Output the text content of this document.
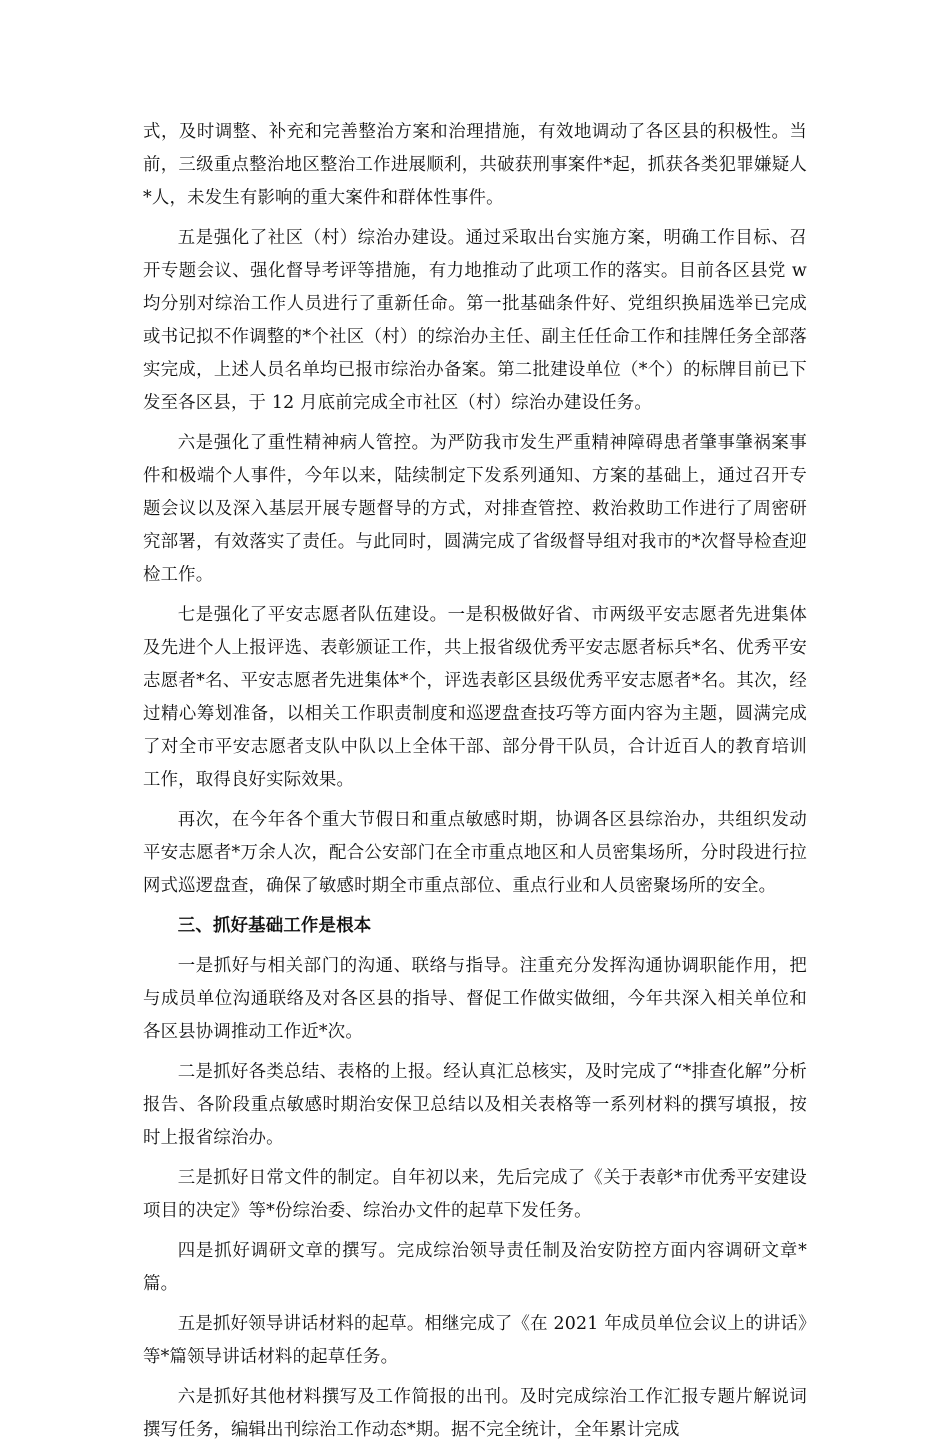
式，及时调整、补充和完善整治方案和治理措施，有效地调动了各区县的积极性。当前，三级重点整治地区整治工作进展顺利，共破获刑事案件*起，抓获各类犯罪嫌疑人*人，未发生有影响的重大案件和群体性事件。

五是强化了社区（村）综治办建设。通过采取出台实施方案，明确工作目标、召开专题会议、强化督导考评等措施，有力地推动了此项工作的落实。目前各区县党 w 均分别对综治工作人员进行了重新任命。第一批基础条件好、党组织换届选举已完成或书记拟不作调整的*个社区（村）的综治办主任、副主任任命工作和挂牌任务全部落实完成，上述人员名单均已报市综治办备案。第二批建设单位（*个）的标牌目前已下发至各区县，于 12 月底前完成全市社区（村）综治办建设任务。

六是强化了重性精神病人管控。为严防我市发生严重精神障碍患者肇事肇祸案事件和极端个人事件，今年以来，陆续制定下发系列通知、方案的基础上，通过召开专题会议以及深入基层开展专题督导的方式，对排查管控、救治救助工作进行了周密研究部署，有效落实了责任。与此同时，圆满完成了省级督导组对我市的*次督导检查迎检工作。

七是强化了平安志愿者队伍建设。一是积极做好省、市两级平安志愿者先进集体及先进个人上报评选、表彰颁证工作，共上报省级优秀平安志愿者标兵*名、优秀平安志愿者*名、平安志愿者先进集体*个，评选表彰区县级优秀平安志愿者*名。其次，经过精心筹划准备，以相关工作职责制度和巡逻盘查技巧等方面内容为主题，圆满完成了对全市平安志愿者支队中队以上全体干部、部分骨干队员，合计近百人的教育培训工作，取得良好实际效果。

再次，在今年各个重大节假日和重点敏感时期，协调各区县综治办，共组织发动平安志愿者*万余人次，配合公安部门在全市重点地区和人员密集场所，分时段进行拉网式巡逻盘查，确保了敏感时期全市重点部位、重点行业和人员密聚场所的安全。

三、抓好基础工作是根本

一是抓好与相关部门的沟通、联络与指导。注重充分发挥沟通协调职能作用，把与成员单位沟通联络及对各区县的指导、督促工作做实做细，今年共深入相关单位和各区县协调推动工作近*次。

二是抓好各类总结、表格的上报。经认真汇总核实，及时完成了“*排查化解”分析报告、各阶段重点敏感时期治安保卫总结以及相关表格等一系列材料的撰写填报，按时上报省综治办。

三是抓好日常文件的制定。自年初以来，先后完成了《关于表彰*市优秀平安建设项目的决定》等*份综治委、综治办文件的起草下发任务。

四是抓好调研文章的撰写。完成综治领导责任制及治安防控方面内容调研文章*篇。

五是抓好领导讲话材料的起草。相继完成了《在 2021 年成员单位会议上的讲话》等*篇领导讲话材料的起草任务。

六是抓好其他材料撰写及工作简报的出刊。及时完成综治工作汇报专题片解说词撰写任务，编辑出刊综治工作动态*期。据不完全统计，全年累计完成
